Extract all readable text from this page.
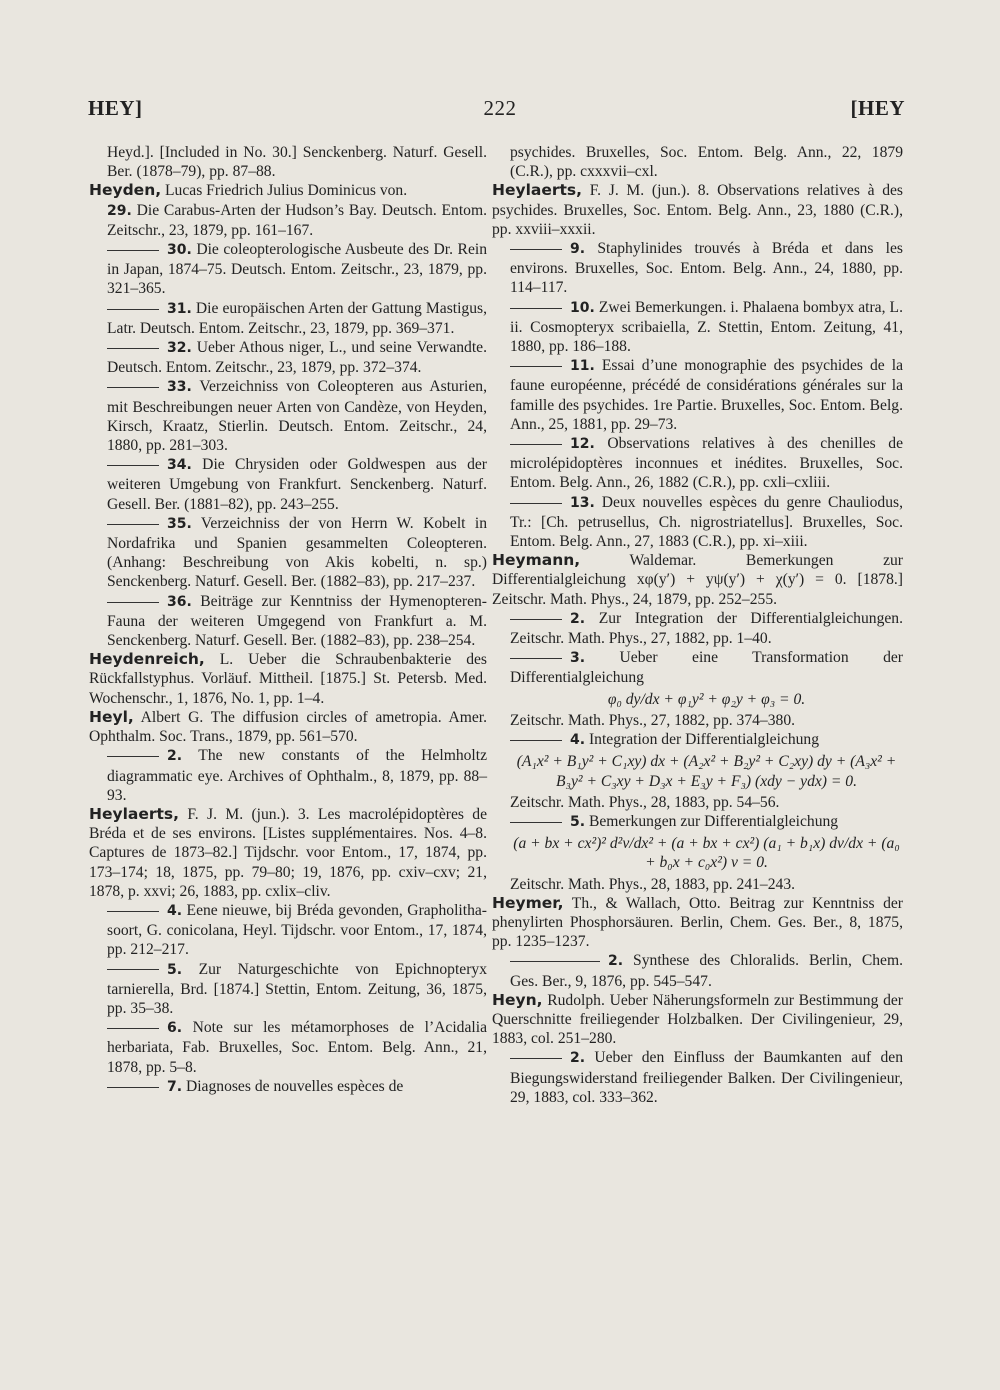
HEY]	222	[HEY
Heyd.]. [Included in No. 30.] Senckenberg. Naturf. Gesell. Ber. (1878–79), pp. 87–88.
Heyden, Lucas Friedrich Julius Dominicus von.
29. Die Carabus-Arten der Hudson’s Bay. Deutsch. Entom. Zeitschr., 23, 1879, pp. 161–167.
30. Die coleopterologische Ausbeute des Dr. Rein in Japan, 1874–75. Deutsch. Entom. Zeitschr., 23, 1879, pp. 321–365.
31. Die europäischen Arten der Gattung Mastigus, Latr. Deutsch. Entom. Zeitschr., 23, 1879, pp. 369–371.
32. Ueber Athous niger, L., und seine Verwandte. Deutsch. Entom. Zeitschr., 23, 1879, pp. 372–374.
33. Verzeichniss von Coleopteren aus Asturien, mit Beschreibungen neuer Arten von Candèze, von Heyden, Kirsch, Kraatz, Stierlin. Deutsch. Entom. Zeitschr., 24, 1880, pp. 281–303.
34. Die Chrysiden oder Goldwespen aus der weiteren Umgebung von Frankfurt. Senckenberg. Naturf. Gesell. Ber. (1881–82), pp. 243–255.
35. Verzeichniss der von Herrn W. Kobelt in Nordafrika und Spanien gesammelten Coleopteren. (Anhang: Beschreibung von Akis kobelti, n. sp.) Senckenberg. Naturf. Gesell. Ber. (1882–83), pp. 217–237.
36. Beiträge zur Kenntniss der Hymenopteren-Fauna der weiteren Umgegend von Frankfurt a. M. Senckenberg. Naturf. Gesell. Ber. (1882–83), pp. 238–254.
Heydenreich, L. Ueber die Schraubenbakterie des Rückfallstyphus. Vorläuf. Mittheil. [1875.] St. Petersb. Med. Wochenschr., 1, 1876, No. 1, pp. 1–4.
Heyl, Albert G. The diffusion circles of ametropia. Amer. Ophthalm. Soc. Trans., 1879, pp. 561–570.
2. The new constants of the Helmholtz diagrammatic eye. Archives of Ophthalm., 8, 1879, pp. 88–93.
Heylaerts, F. J. M. (jun.). 3. Les macrolépidoptères de Bréda et de ses environs. [Listes supplémentaires. Nos. 4–8. Captures de 1873–82.] Tijdschr. voor Entom., 17, 1874, pp. 173–174; 18, 1875, pp. 79–80; 19, 1876, pp. cxiv–cxv; 21, 1878, p. xxvi; 26, 1883, pp. cxlix–cliv.
4. Eene nieuwe, bij Bréda gevonden, Grapholitha-soort, G. conicolana, Heyl. Tijdschr. voor Entom., 17, 1874, pp. 212–217.
5. Zur Naturgeschichte von Epichnopteryx tarnierella, Brd. [1874.] Stettin, Entom. Zeitung, 36, 1875, pp. 35–38.
6. Note sur les métamorphoses de l’Acidalia herbariata, Fab. Bruxelles, Soc. Entom. Belg. Ann., 21, 1878, pp. 5–8.
7. Diagnoses de nouvelles espèces de
psychides. Bruxelles, Soc. Entom. Belg. Ann., 22, 1879 (C.R.), pp. cxxxvii–cxl.
Heylaerts, F. J. M. (jun.). 8. Observations relatives à des psychides. Bruxelles, Soc. Entom. Belg. Ann., 23, 1880 (C.R.), pp. xxviii–xxxii.
9. Staphylinides trouvés à Bréda et dans les environs. Bruxelles, Soc. Entom. Belg. Ann., 24, 1880, pp. 114–117.
10. Zwei Bemerkungen. i. Phalaena bombyx atra, L. ii. Cosmopteryx scribaiella, Z. Stettin, Entom. Zeitung, 41, 1880, pp. 186–188.
11. Essai d’une monographie des psychides de la faune européenne, précédé de considérations générales sur la famille des psychides. 1re Partie. Bruxelles, Soc. Entom. Belg. Ann., 25, 1881, pp. 29–73.
12. Observations relatives à des chenilles de microlépidoptères inconnues et inédites. Bruxelles, Soc. Entom. Belg. Ann., 26, 1882 (C.R.), pp. cxli–cxliii.
13. Deux nouvelles espèces du genre Chauliodus, Tr.: [Ch. petrusellus, Ch. nigrostriatellus]. Bruxelles, Soc. Entom. Belg. Ann., 27, 1883 (C.R.), pp. xi–xiii.
Heymann, Waldemar. Bemerkungen zur Differentialgleichung xφ(y′) + yψ(y′) + χ(y′) = 0. [1878.] Zeitschr. Math. Phys., 24, 1879, pp. 252–255.
2. Zur Integration der Differentialgleichungen. Zeitschr. Math. Phys., 27, 1882, pp. 1–40.
3. Ueber eine Transformation der Differentialgleichung
φ₀ dy/dx + φ₁y² + φ₂y + φ₃ = 0.
Zeitschr. Math. Phys., 27, 1882, pp. 374–380.
4. Integration der Differentialgleichung
(A₁x² + B₁y² + C₁xy) dx + (A₂x² + B₂y² + C₂xy) dy + (A₃x² + B₃y² + C₃xy + D₃x + E₃y + F₃) (xdy − ydx) = 0.
Zeitschr. Math. Phys., 28, 1883, pp. 54–56.
5. Bemerkungen zur Differentialgleichung
(a + bx + cx²)² d²v/dx² + (a + bx + cx²) (a₁ + b₁x) dv/dx + (a₀ + b₀x + c₀x²) v = 0.
Zeitschr. Math. Phys., 28, 1883, pp. 241–243.
Heymer, Th., & Wallach, Otto. Beitrag zur Kenntniss der phenylirten Phosphorsäuren. Berlin, Chem. Ges. Ber., 8, 1875, pp. 1235–1237.
2. Synthese des Chloralids. Berlin, Chem. Ges. Ber., 9, 1876, pp. 545–547.
Heyn, Rudolph. Ueber Näherungsformeln zur Bestimmung der Querschnitte freiliegender Holzbalken. Der Civilingenieur, 29, 1883, col. 251–280.
2. Ueber den Einfluss der Baumkanten auf den Biegungswiderstand freiliegender Balken. Der Civilingenieur, 29, 1883, col. 333–362.
